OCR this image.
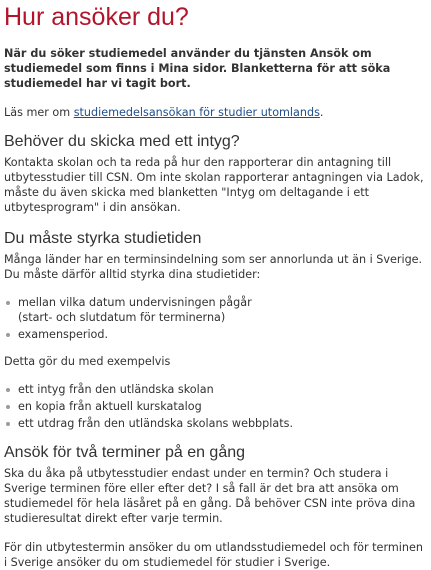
Hur ansöker du?

När du söker studiemedel använder du tjänsten Ansök om studiemedel som finns i Mina sidor. Blanketterna för att söka studiemedel har vi tagit bort.

Läs mer om studiemedelsansökan för studier utomlands.

Behöver du skicka med ett intyg?

Kontakta skolan och ta reda på hur den rapporterar din antagning till utbytesstudier till CSN. Om inte skolan rapporterar antagningen via Ladok, måste du även skicka med blanketten "Intyg om deltagande i ett utbytesprogram" i din ansökan.

Du måste styrka studietiden

Många länder har en terminsindelning som ser annorlunda ut än i Sverige. Du måste därför alltid styrka dina studietider:

mellan vilka datum undervisningen pågår
(start- och slutdatum för terminerna)
examensperiod.

Detta gör du med exempelvis

ett intyg från den utländska skolan
en kopia från aktuell kurskatalog
ett utdrag från den utländska skolans webbplats.
Ansök för två terminer på en gång

Ska du åka på utbytesstudier endast under en termin? Och studera i Sverige terminen före eller efter det? I så fall är det bra att ansöka om studiemedel för hela läsåret på en gång. Då behöver CSN inte pröva dina studieresultat direkt efter varje termin.

För din utbytestermin ansöker du om utlandsstudiemedel och för terminen i Sverige ansöker du om studiemedel för studier i Sverige.
